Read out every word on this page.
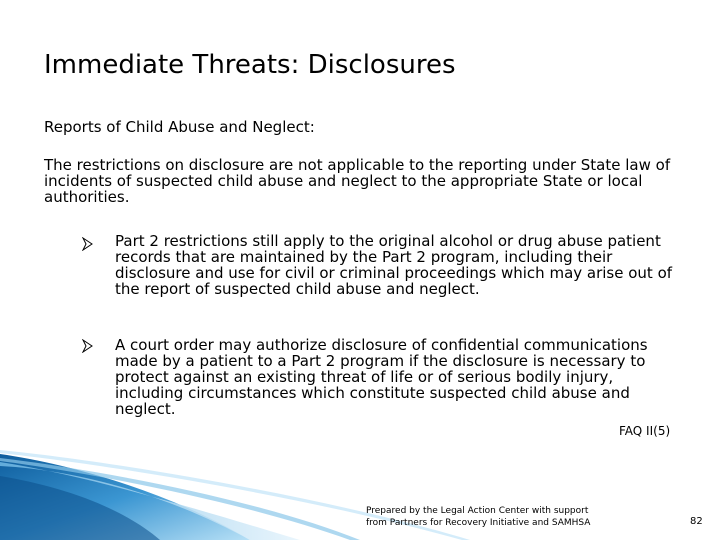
Immediate Threats: Disclosures
Reports of Child Abuse and Neglect:
The restrictions on disclosure are not applicable to the reporting under State law of incidents of suspected child abuse and neglect to the appropriate State or local authorities.
Part 2 restrictions still apply to the original alcohol or drug abuse patient records that are maintained by the Part 2 program, including their disclosure and use for civil or criminal proceedings which may arise out of the report of suspected child abuse and neglect.
A court order may authorize disclosure of confidential communications made by a patient to a Part 2 program if the disclosure is necessary to protect against an existing threat of life or of serious bodily injury, including circumstances which constitute suspected child abuse and neglect.
FAQ II(5)
Prepared by the Legal Action Center with support
from Partners for Recovery Initiative and SAMHSA	82
